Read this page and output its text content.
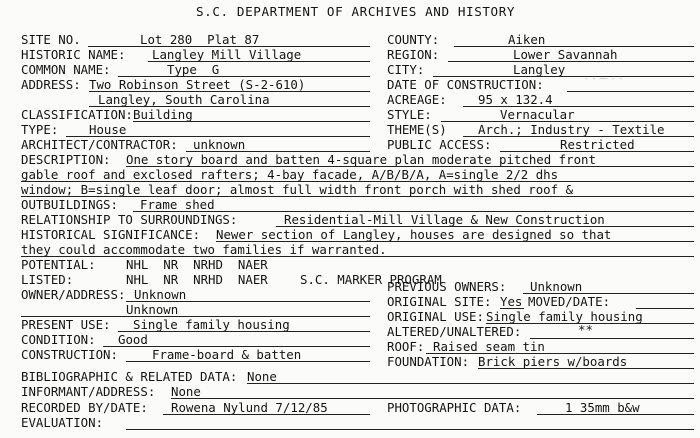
S.C. DEPARTMENT OF ARCHIVES AND HISTORY
SITE NO.	Lot 280  Plat 87
HISTORIC NAME: Langley Mill Village
COMMON NAME:	Type  G
ADDRESS: Two Robinson Street (S-2-610)
Langley, South Carolina
CLASSIFICATION: Building
TYPE: House
ARCHITECT/CONTRACTOR: unknown
DESCRIPTION: One story board and batten 4-square plan moderate pitched front
gable roof and exclosed rafters; 4-bay facade, A/B/B/A, A=single 2/2 dhs
window; B=single leaf door; almost full width front porch with shed roof &
OUTBUILDINGS: Frame shed
RELATIONSHIP TO SURROUNDINGS:	Residential-Mill Village & New Construction
HISTORICAL SIGNIFICANCE: Newer section of Langley, houses are designed so that
they could accommodate two families if warranted.
POTENTIAL: NHL  NR  NRHD  NAER
LISTED:	NHL  NR  NRHD  NAER	S.C. MARKER PROGRAM
OWNER/ADDRESS: Unknown
Unknown
PRESENT USE: Single family housing
CONDITION: Good
CONSTRUCTION:	Frame-board & batten
BIBLIOGRAPHIC & RELATED DATA: None
INFORMANT/ADDRESS: None
RECORDED BY/DATE: Rowena Nylund 7/12/85
EVALUATION:
COUNTY:	Aiken
REGION:	Lower Savannah
CITY:	Langley
DATE OF CONSTRUCTION:	- - ~~ - -
ACREAGE:	95 x 132.4
STYLE:	Vernacular
THEME(S)	Arch.; Industry - Textile
PUBLIC ACCESS:	Restricted
PREVIOUS OWNERS: Unknown
ORIGINAL SITE: Yes MOVED/DATE:
ORIGINAL USE: Single family housing
ALTERED/UNALTERED:	**
ROOF: Raised seam tin
FOUNDATION: Brick piers w/boards
PHOTOGRAPHIC DATA:	1 35mm b&w
